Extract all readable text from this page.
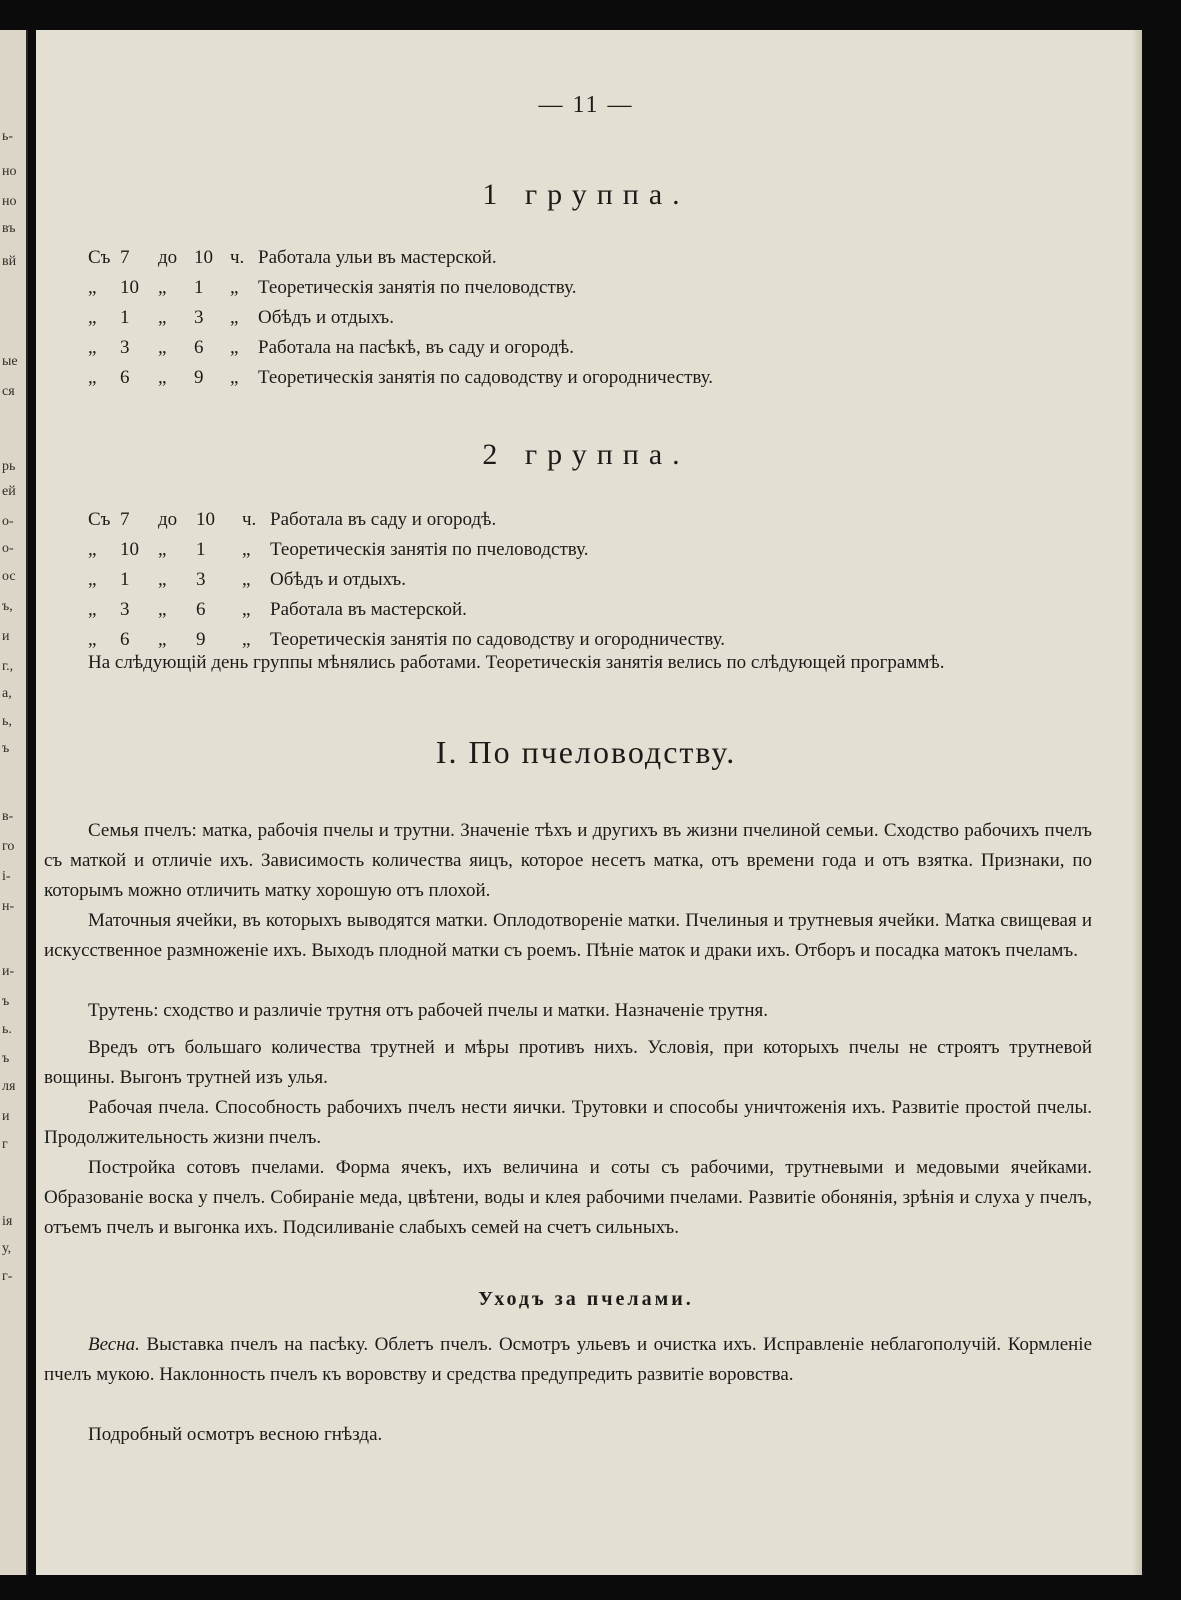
ь-
но
но
въ
вй
ые
ся
рь
ей
о-
о-
ос
ъ,
и
г.,
а,
ь,
ъ
в-
го
і-
н-
и-
ъ
ь.
ъ
ля
и
г
ія
у,
г-
— 11 —
1 группа.
Съ 7 до 10 ч. Работала ульи въ мастерской.
„ 10 „ 1 „ Теоретическія занятія по пчеловодству.
„ 1 „ 3 „ Обѣдъ и отдыхъ.
„ 3 „ 6 „ Работала на пасѣкѣ, въ саду и огородѣ.
„ 6 „ 9 „ Теоретическія занятія по садоводству и огородничеству.
2 группа.
Съ 7 до 10 ч. Работала въ саду и огородѣ.
„ 10 „ 1 „ Теоретическія занятія по пчеловодству.
„ 1 „ 3 „ Обѣдъ и отдыхъ.
„ 3 „ 6 „ Работала въ мастерской.
„ 6 „ 9 „ Теоретическія занятія по садоводству и огородничеству.

На слѣдующій день группы мѣнялись работами. Теоретическія занятія велись по слѣдующей программѣ.

I. По пчеловодству.

Семья пчелъ: матка, рабочія пчелы и трутни. Значеніе тѣхъ и другихъ въ жизни пчелиной семьи. Сходство рабочихъ пчелъ съ маткой и отличіе ихъ. Зависимость количества яицъ, которое несетъ матка, отъ времени года и отъ взятка. Признаки, по которымъ можно отличить матку хорошую отъ плохой.

Маточныя ячейки, въ которыхъ выводятся матки. Оплодотвореніе матки. Пчелиныя и трутневыя ячейки. Матка свищевая и искусственное размноженіе ихъ. Выходъ плодной матки съ роемъ. Пѣніе маток и драки ихъ. Отборъ и посадка матокъ пчеламъ.

Трутень: сходство и различіе трутня отъ рабочей пчелы и матки. Назначеніе трутня.

Вредъ отъ большаго количества трутней и мѣры противъ нихъ. Условія, при которыхъ пчелы не строятъ трутневой вощины. Выгонъ трутней изъ улья.

Рабочая пчела. Способность рабочихъ пчелъ нести яички. Трутовки и способы уничтоженія ихъ. Развитіе простой пчелы. Продолжительность жизни пчелъ.

Постройка сотовъ пчелами. Форма ячекъ, ихъ величина и соты съ рабочими, трутневыми и медовыми ячейками. Образованіе воска у пчелъ. Собираніе меда, цвѣтени, воды и клея рабочими пчелами. Развитіе обонянія, зрѣнія и слуха у пчелъ, отъемъ пчелъ и выгонка ихъ. Подсиливаніе слабыхъ семей на счетъ сильныхъ.

Уходъ за пчелами.

Весна. Выставка пчелъ на пасѣку. Облетъ пчелъ. Осмотръ ульевъ и очистка ихъ. Исправленіе неблагополучій. Кормленіе пчелъ мукою. Наклонность пчелъ къ воровству и средства предупредить развитіе воровства.

Подробный осмотръ весною гнѣзда.
